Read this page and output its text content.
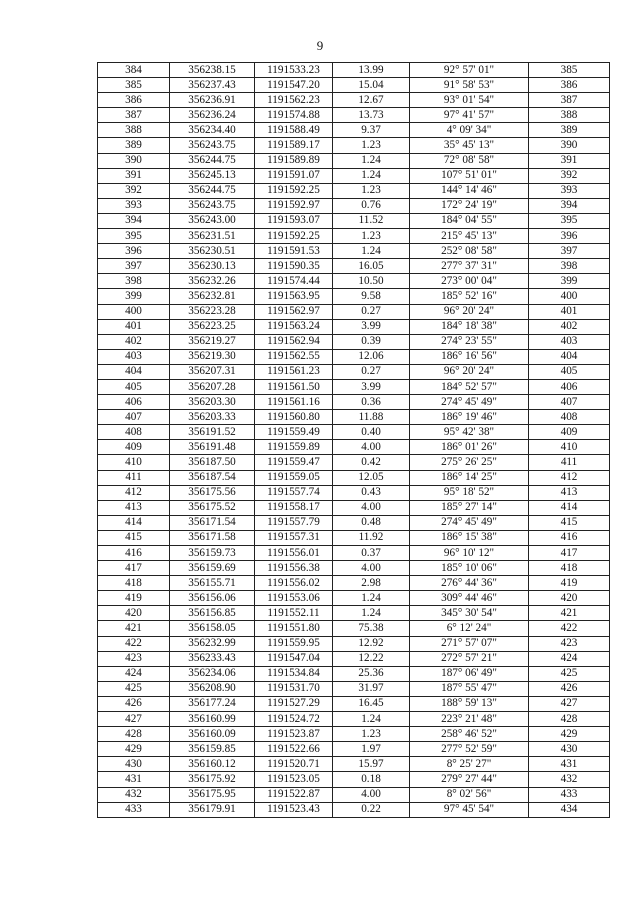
9
384	356238.15	1191533.23	13.99	92° 57' 01"	385
385	356237.43	1191547.20	15.04	91° 58' 53"	386
386	356236.91	1191562.23	12.67	93° 01' 54"	387
387	356236.24	1191574.88	13.73	97° 41' 57"	388
388	356234.40	1191588.49	9.37	4° 09' 34"	389
389	356243.75	1191589.17	1.23	35° 45' 13"	390
390	356244.75	1191589.89	1.24	72° 08' 58"	391
391	356245.13	1191591.07	1.24	107° 51' 01"	392
392	356244.75	1191592.25	1.23	144° 14' 46"	393
393	356243.75	1191592.97	0.76	172° 24' 19"	394
394	356243.00	1191593.07	11.52	184° 04' 55"	395
395	356231.51	1191592.25	1.23	215° 45' 13"	396
396	356230.51	1191591.53	1.24	252° 08' 58"	397
397	356230.13	1191590.35	16.05	277° 37' 31"	398
398	356232.26	1191574.44	10.50	273° 00' 04"	399
399	356232.81	1191563.95	9.58	185° 52' 16"	400
400	356223.28	1191562.97	0.27	96° 20' 24"	401
401	356223.25	1191563.24	3.99	184° 18' 38"	402
402	356219.27	1191562.94	0.39	274° 23' 55"	403
403	356219.30	1191562.55	12.06	186° 16' 56"	404
404	356207.31	1191561.23	0.27	96° 20' 24"	405
405	356207.28	1191561.50	3.99	184° 52' 57"	406
406	356203.30	1191561.16	0.36	274° 45' 49"	407
407	356203.33	1191560.80	11.88	186° 19' 46"	408
408	356191.52	1191559.49	0.40	95° 42' 38"	409
409	356191.48	1191559.89	4.00	186° 01' 26"	410
410	356187.50	1191559.47	0.42	275° 26' 25"	411
411	356187.54	1191559.05	12.05	186° 14' 25"	412
412	356175.56	1191557.74	0.43	95° 18' 52"	413
413	356175.52	1191558.17	4.00	185° 27' 14"	414
414	356171.54	1191557.79	0.48	274° 45' 49"	415
415	356171.58	1191557.31	11.92	186° 15' 38"	416
416	356159.73	1191556.01	0.37	96° 10' 12"	417
417	356159.69	1191556.38	4.00	185° 10' 06"	418
418	356155.71	1191556.02	2.98	276° 44' 36"	419
419	356156.06	1191553.06	1.24	309° 44' 46"	420
420	356156.85	1191552.11	1.24	345° 30' 54"	421
421	356158.05	1191551.80	75.38	6° 12' 24"	422
422	356232.99	1191559.95	12.92	271° 57' 07"	423
423	356233.43	1191547.04	12.22	272° 57' 21"	424
424	356234.06	1191534.84	25.36	187° 06' 49"	425
425	356208.90	1191531.70	31.97	187° 55' 47"	426
426	356177.24	1191527.29	16.45	188° 59' 13"	427
427	356160.99	1191524.72	1.24	223° 21' 48"	428
428	356160.09	1191523.87	1.23	258° 46' 52"	429
429	356159.85	1191522.66	1.97	277° 52' 59"	430
430	356160.12	1191520.71	15.97	8° 25' 27"	431
431	356175.92	1191523.05	0.18	279° 27' 44"	432
432	356175.95	1191522.87	4.00	8° 02' 56"	433
433	356179.91	1191523.43	0.22	97° 45' 54"	434
